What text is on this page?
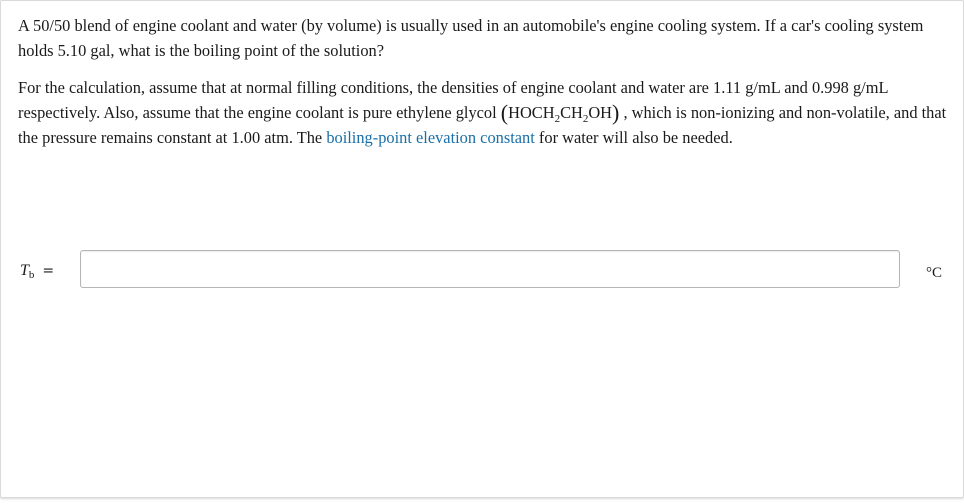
A 50/50 blend of engine coolant and water (by volume) is usually used in an automobile's engine cooling system. If a car's cooling system holds 5.10 gal, what is the boiling point of the solution?

For the calculation, assume that at normal filling conditions, the densities of engine coolant and water are 1.11 g/mL and 0.998 g/mL respectively. Also, assume that the engine coolant is pure ethylene glycol $(HOCH_2CH_2OH)$ , which is non-ionizing and non-volatile, and that the pressure remains constant at 1.00 atm. The boiling-point elevation constant for water will also be needed.

Tb =	°C
